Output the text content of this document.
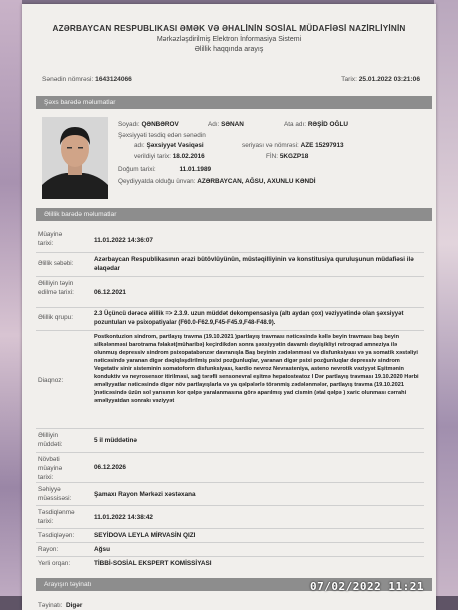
AZƏRBAYCAN RESPUBLIKASI ƏMƏK VƏ ƏHALİNİN SOSİAL MÜDAFİƏSİ NAZİRLİYİNİN
Mərkəzləşdirilmiş Elektron İnformasiya Sistemi
Əlillik haqqında arayış
Sənədin nömrəsi: 1643124066	Tarix: 25.01.2022 03:21:06
Şəxs barədə məlumatlar
Soyadı: QƏNBƏROV	Adı: SƏNAN	Ata adı: RƏŞİD OĞLU
Şəxsiyyəti təsdiq edən sənədin
adı: Şəxsiyyət Vəsiqəsi	seriyası və nömrəsi: AZE 15297913
verildiyi tarix: 18.02.2016	FİN: 5KGZP18
Doğum tarixi:	11.01.1989
Qeydiyyatda olduğu ünvan: AZƏRBAYCAN, AĞSU, AXUNLU KƏNDİ
Əlillik barədə məlumatlar
Müayinə tarixi:	11.01.2022 14:36:07
Əlillik səbəbi:
Azərbaycan Respublikasının ərazi bütövlüyünün, müstəqilliyinin və konstitusiya quruluşunun müdafiəsi ilə əlaqədar
Əlilliyin təyin edilmə tarixi:	06.12.2021
Əlillik qrupu:	2.3 Üçüncü dərəcə əlillik => 2.3.9. uzun müddət dekompensasiya (altı aydan çox) vəziyyətində olan şəxsiyyət pozuntuları və psixopatiyalar (F60.0-F62.9,F45-F45.9,F48-F48.9).
Diaqnoz:
Postkontuzion sindrom, partlayış travma (19.10.2021 )partlayış travması nəticəsində kəllə beyin travması baş beyin silkələnməsi barotrama fəlakət(müharibə) keçirdikdən sonra şəxsiyyətin davamlı dəyişikliyi retroqrad amneziya ilə olunmuş depressiv sindrom psixopatabənzər davranışla Baş beyinin zədələnməsi və disfunksiyası və ya somatik xəstəliyi nəticəsində yaranan digər dəqiqləşdirilmiş psixi pozğunluqlar, yaranan digər psixi pozğunluqlar depressiv sindrom Vegetativ sinir sisteminin somatoform disfunksiyası, kardio nevroz Nevrasteniya, asteno nevrotik vəziyyət Eşitmənin konduktiv və neyrosensor itirilməsi, sağ tərəfli sensonevral eşitmə hepatosteatoz I Dər partlayış travması 19.10.2020 Hərbi əməliyyatlar nəticəsində digər növ partlayışlarla və ya qəlpələrlə törənmiş zədələnmələr, partlayış travma (19.10.2021 )nəticəsində üzün sol yarısının kor qəlpə yaralanmasına görə aparılmış yad cismin (ətal qəlpə ) xaric olunması cərrahi əməliyyatdan sonrakı vəziyyət
Əlilliyin müddəti:
5 il müddətinə
Növbəti müayinə tarixi:
06.12.2026
Səhiyyə müəssisəsi:
Şamaxı Rayon Mərkəzi xəstəxana
Təsdiqlənmə tarixi:
11.01.2022 14:38:42
Təsdiqləyən:	SEYİDOVA LEYLA MİRVASİN QIZI
Rayon:	Ağsu
Yerli orqan:	TİBBİ-SOSİAL EKSPERT KOMİSSİYASI
Arayışın təyinatı
Təyinatı: Digər
07/02/2022 11:21
